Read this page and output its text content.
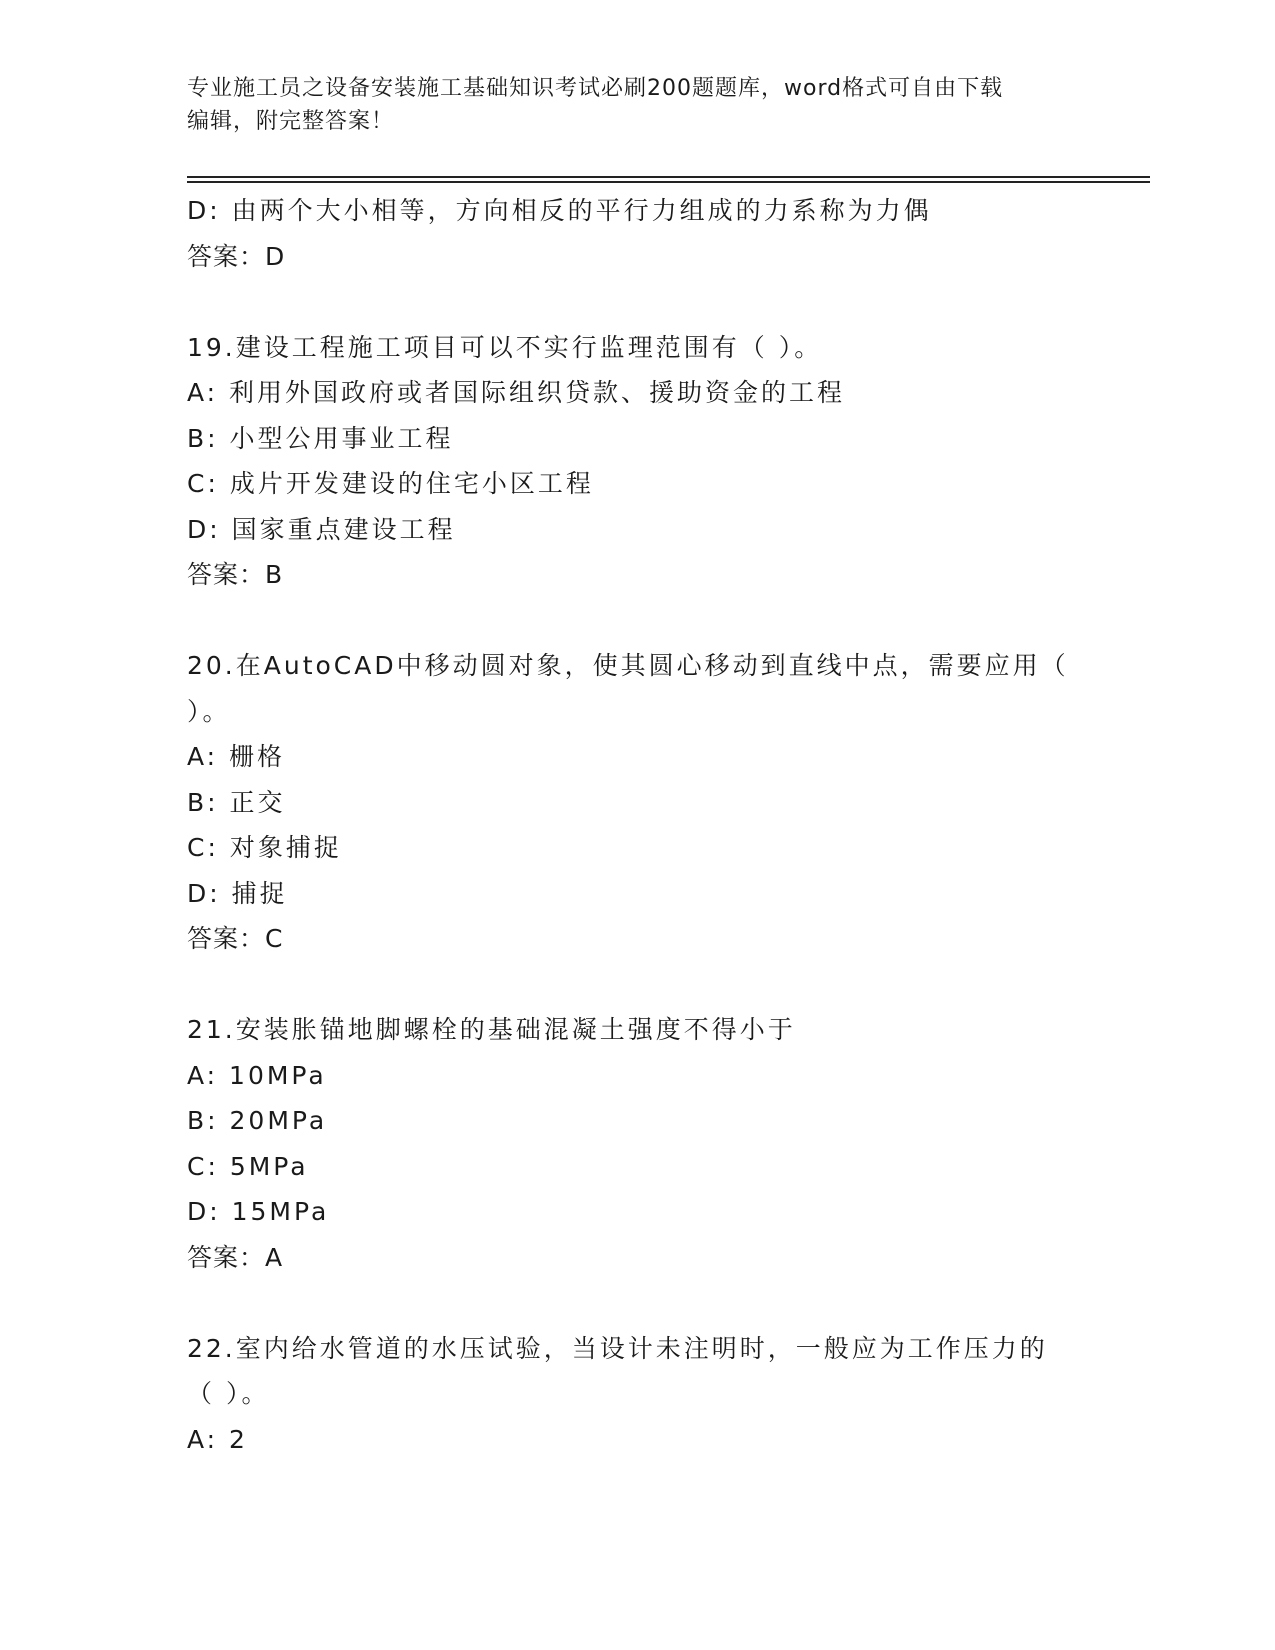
专业施工员之设备安装施工基础知识考试必刷200题题库，word格式可自由下载
编辑，附完整答案！
D: 由两个大小相等，方向相反的平行力组成的力系称为力偶
答案：D
19.建设工程施工项目可以不实行监理范围有（ ）。
A: 利用外国政府或者国际组织贷款、援助资金的工程
B: 小型公用事业工程
C: 成片开发建设的住宅小区工程
D: 国家重点建设工程
答案：B
20.在AutoCAD中移动圆对象，使其圆心移动到直线中点，需要应用（
）。
A: 栅格
B: 正交
C: 对象捕捉
D: 捕捉
答案：C
21.安装胀锚地脚螺栓的基础混凝土强度不得小于
A: 10MPa
B: 20MPa
C: 5MPa
D: 15MPa
答案：A
22.室内给水管道的水压试验，当设计未注明时，一般应为工作压力的
（ ）。
A: 2
